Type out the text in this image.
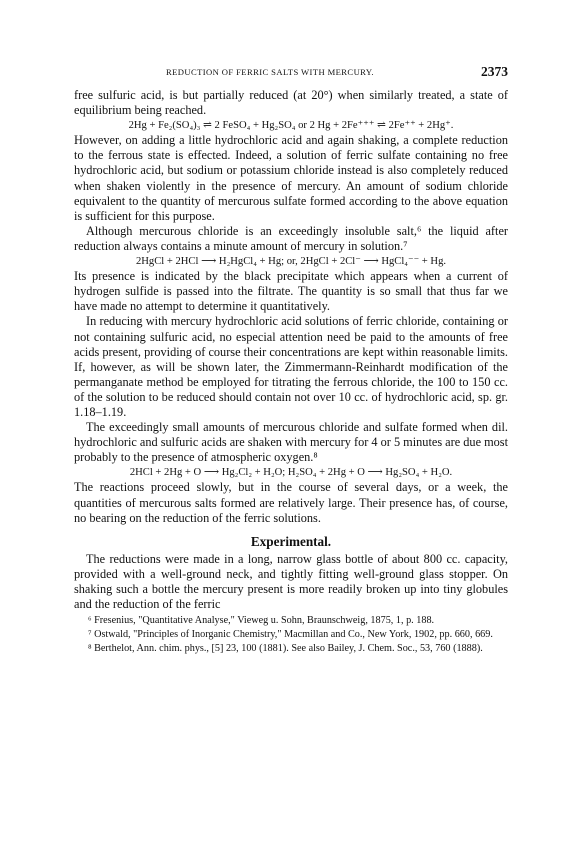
REDUCTION OF FERRIC SALTS WITH MERCURY.	2373

free sulfuric acid, is but partially reduced (at 20°) when similarly treated, a state of equilibrium being reached.

2Hg + Fe₂(SO₄)₃ ⇌ 2 FeSO₄ + Hg₂SO₄ or 2 Hg + 2Fe⁺⁺⁺ ⇌ 2Fe⁺⁺ + 2Hg⁺.

However, on adding a little hydrochloric acid and again shaking, a complete reduction to the ferrous state is effected. Indeed, a solution of ferric sulfate containing no free hydrochloric acid, but sodium or potassium chloride instead is also completely reduced when shaken violently in the presence of mercury. An amount of sodium chloride equivalent to the quantity of mercurous sulfate formed according to the above equation is sufficient for this purpose.

Although mercurous chloride is an exceedingly insoluble salt,⁶ the liquid after reduction always contains a minute amount of mercury in solution.⁷

2HgCl + 2HCl ⟶ H₂HgCl₄ + Hg; or, 2HgCl + 2Cl⁻ ⟶ HgCl₄⁻⁻ + Hg.

Its presence is indicated by the black precipitate which appears when a current of hydrogen sulfide is passed into the filtrate. The quantity is so small that thus far we have made no attempt to determine it quantitatively.

In reducing with mercury hydrochloric acid solutions of ferric chloride, containing or not containing sulfuric acid, no especial attention need be paid to the amounts of free acids present, providing of course their concentrations are kept within reasonable limits. If, however, as will be shown later, the Zimmermann-Reinhardt modification of the permanganate method be employed for titrating the ferrous chloride, the 100 to 150 cc. of the solution to be reduced should contain not over 10 cc. of hydrochloric acid, sp. gr. 1.18–1.19.

The exceedingly small amounts of mercurous chloride and sulfate formed when dil. hydrochloric and sulfuric acids are shaken with mercury for 4 or 5 minutes are due most probably to the presence of atmospheric oxygen.⁸

2HCl + 2Hg + O ⟶ Hg₂Cl₂ + H₂O; H₂SO₄ + 2Hg + O ⟶ Hg₂SO₄ + H₂O.

The reactions proceed slowly, but in the course of several days, or a week, the quantities of mercurous salts formed are relatively large. Their presence has, of course, no bearing on the reduction of the ferric solutions.

Experimental.

The reductions were made in a long, narrow glass bottle of about 800 cc. capacity, provided with a well-ground neck, and tightly fitting well-ground glass stopper. On shaking such a bottle the mercury present is more readily broken up into tiny globules and the reduction of the ferric

⁶ Fresenius, "Quantitative Analyse," Vieweg u. Sohn, Braunschweig, 1875, 1, p. 188.
⁷ Ostwald, "Principles of Inorganic Chemistry," Macmillan and Co., New York, 1902, pp. 660, 669.
⁸ Berthelot, Ann. chim. phys., [5] 23, 100 (1881). See also Bailey, J. Chem. Soc., 53, 760 (1888).
